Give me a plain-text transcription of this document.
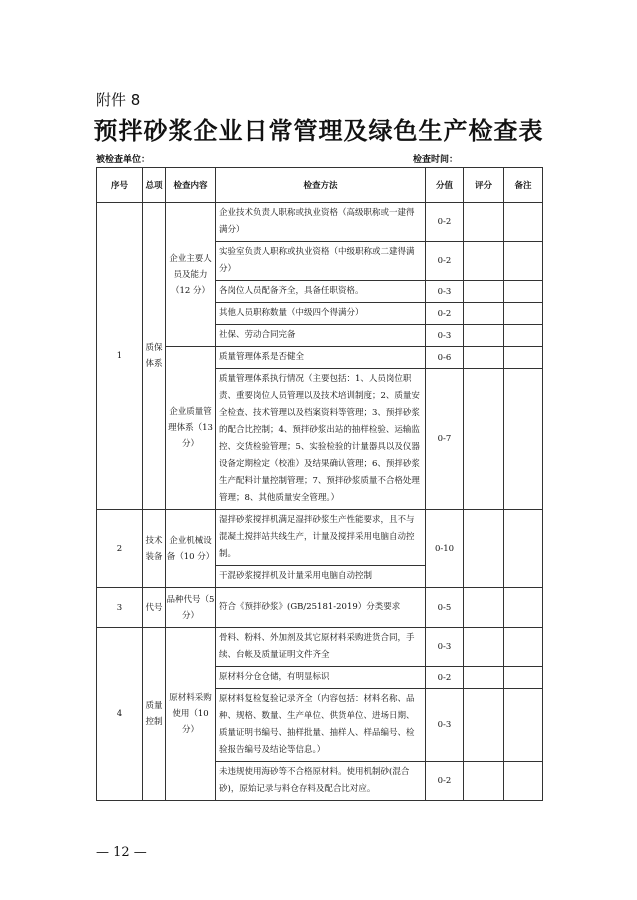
附件 8
预拌砂浆企业日常管理及绿色生产检查表
被检查单位：	检查时间：
序号	总项	检查内容	检查方法	分值	评分	备注
1	质保体系	企业主要人员及能力（12 分）	企业技术负责人职称或执业资格（高级职称或一建得满分）	0-2		
			实验室负责人职称或执业资格（中级职称或二建得满分）	0-2		
			各岗位人员配备齐全，具备任职资格。	0-3		
			其他人员职称数量（中级四个得满分）	0-2		
			社保、劳动合同完备	0-3		
		企业质量管理体系（13 分）	质量管理体系是否健全	0-6		
			质量管理体系执行情况（主要包括：1、人员岗位职责、重要岗位人员管理以及技术培训制度；2、质量安全检查、技术管理以及档案资料等管理；3、预拌砂浆的配合比控制；4、预拌砂浆出站的抽样检验、运输监控、交货检验管理；5、实验检验的计量器具以及仪器设备定期检定（校准）及结果确认管理；6、预拌砂浆生产配料计量控制管理；7、预拌砂浆质量不合格处理管理；8、其他质量安全管理。）	0-7		
2	技术装备	企业机械设备（10 分）	湿拌砂浆搅拌机满足湿拌砂浆生产性能要求，且不与混凝土搅拌站共线生产，计量及搅拌采用电脑自动控制。	0-10		
			干混砂浆搅拌机及计量采用电脑自动控制			
3	代号	品种代号（5 分）	符合《预拌砂浆》(GB/25181-2019）分类要求	0-5		
4	质量控制	原材料采购使用（10 分）	骨料、粉料、外加剂及其它原材料采购进货合同，手续、台帐及质量证明文件齐全	0-3		
			原材料分仓仓储，有明显标识	0-2		
			原材料复检复验记录齐全（内容包括：材料名称、品种、规格、数量、生产单位、供货单位、进场日期、质量证明书编号、抽样批量、抽样人、样品编号、检验报告编号及结论等信息。）	0-3		
			未违规使用海砂等不合格原材料。使用机制砂(混合砂)，原始记录与料仓存料及配合比对应。	0-2		
— 12 —
